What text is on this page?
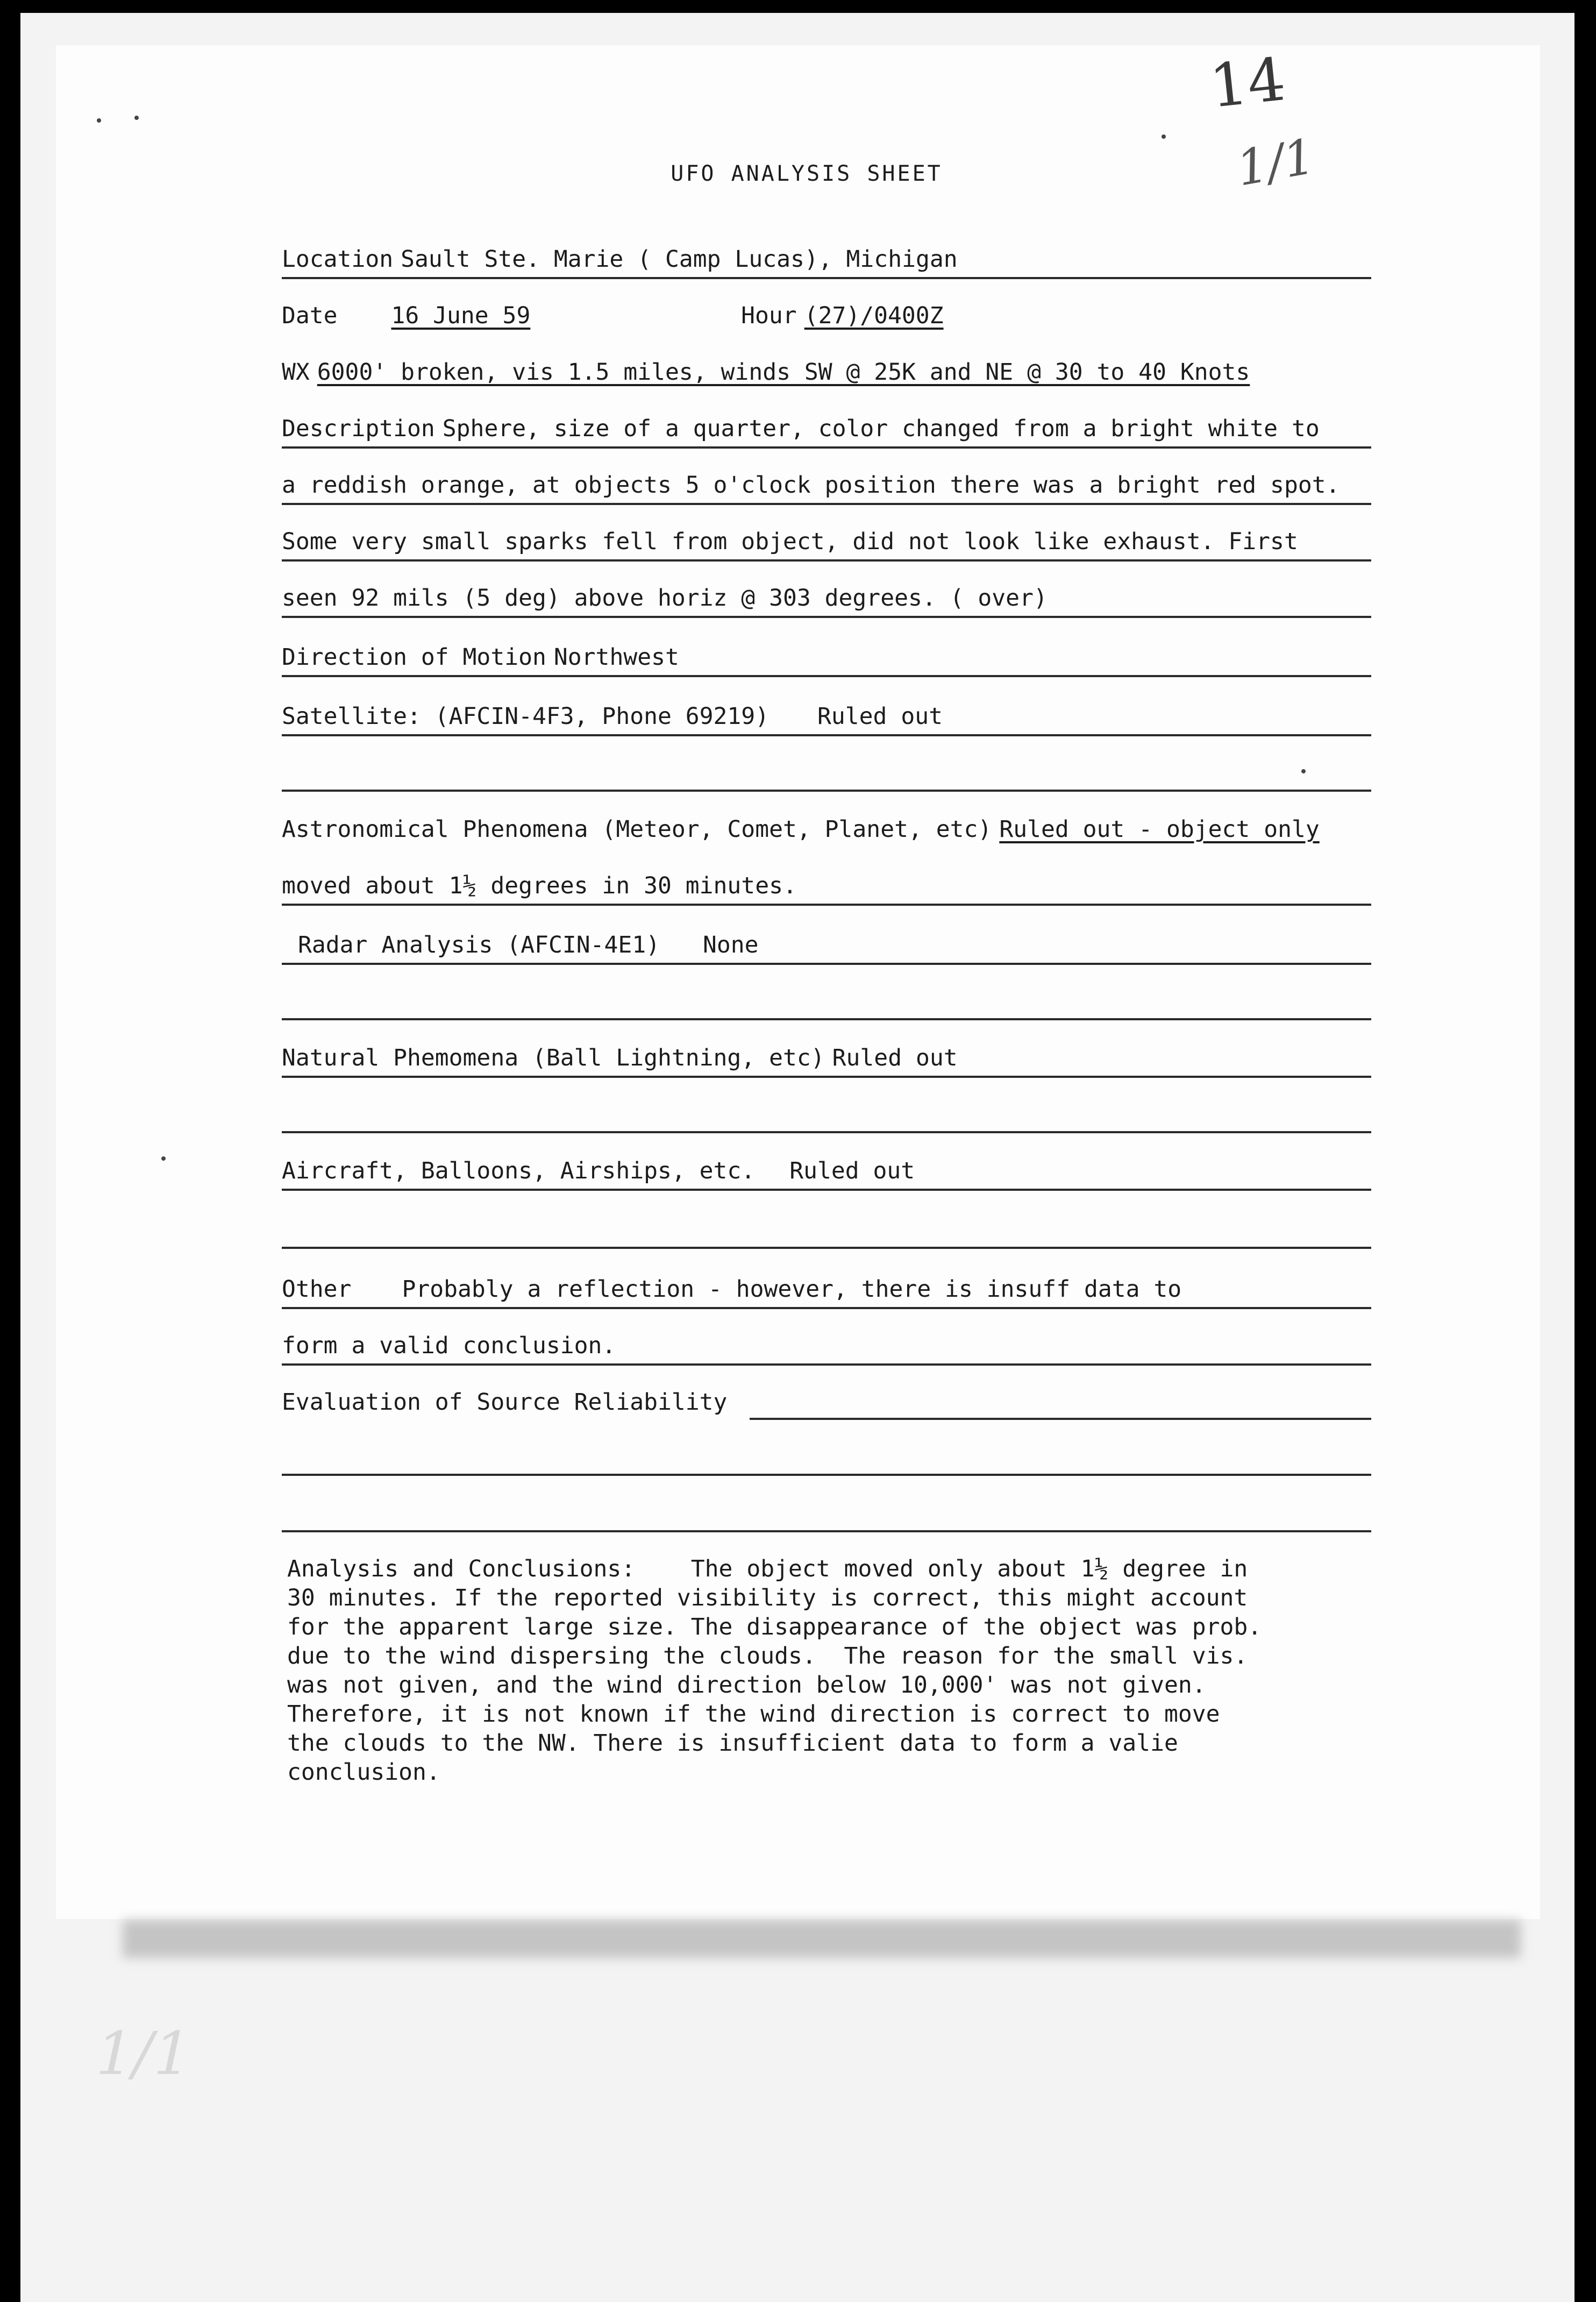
1/1
14
1/1
UFO ANALYSIS SHEET
Location Sault Ste. Marie ( Camp Lucas), Michigan
Date 16 June 59	Hour (27)/0400Z
WX 6000' broken, vis 1.5 miles, winds SW @ 25K and NE @ 30 to 40 Knots
Description Sphere, size of a quarter, color changed from a bright white to
a reddish orange, at objects 5 o'clock position there was a bright red spot.
Some very small sparks fell from object, did not look like exhaust. First
seen 92 mils (5 deg) above horiz @ 303 degrees. ( over)
Direction of Motion Northwest
Satellite: (AFCIN-4F3, Phone 69219) Ruled out
Astronomical Phenomena (Meteor, Comet, Planet, etc) Ruled out - object only
moved about 1½ degrees in 30 minutes.
Radar Analysis (AFCIN-4E1) None
Natural Phemomena (Ball Lightning, etc) Ruled out
Aircraft, Balloons, Airships, etc. Ruled out
Other Probably a reflection - however, there is insuff data to
form a valid conclusion.
Evaluation of Source Reliability
Analysis and Conclusions: The object moved only about 1½ degree in
30 minutes. If the reported visibility is correct, this might account
for the apparent large size. The disappearance of the object was prob.
due to the wind dispersing the clouds.  The reason for the small vis.
was not given, and the wind direction below 10,000' was not given.
Therefore, it is not known if the wind direction is correct to move
the clouds to the NW. There is insufficient data to form a valie
conclusion.
